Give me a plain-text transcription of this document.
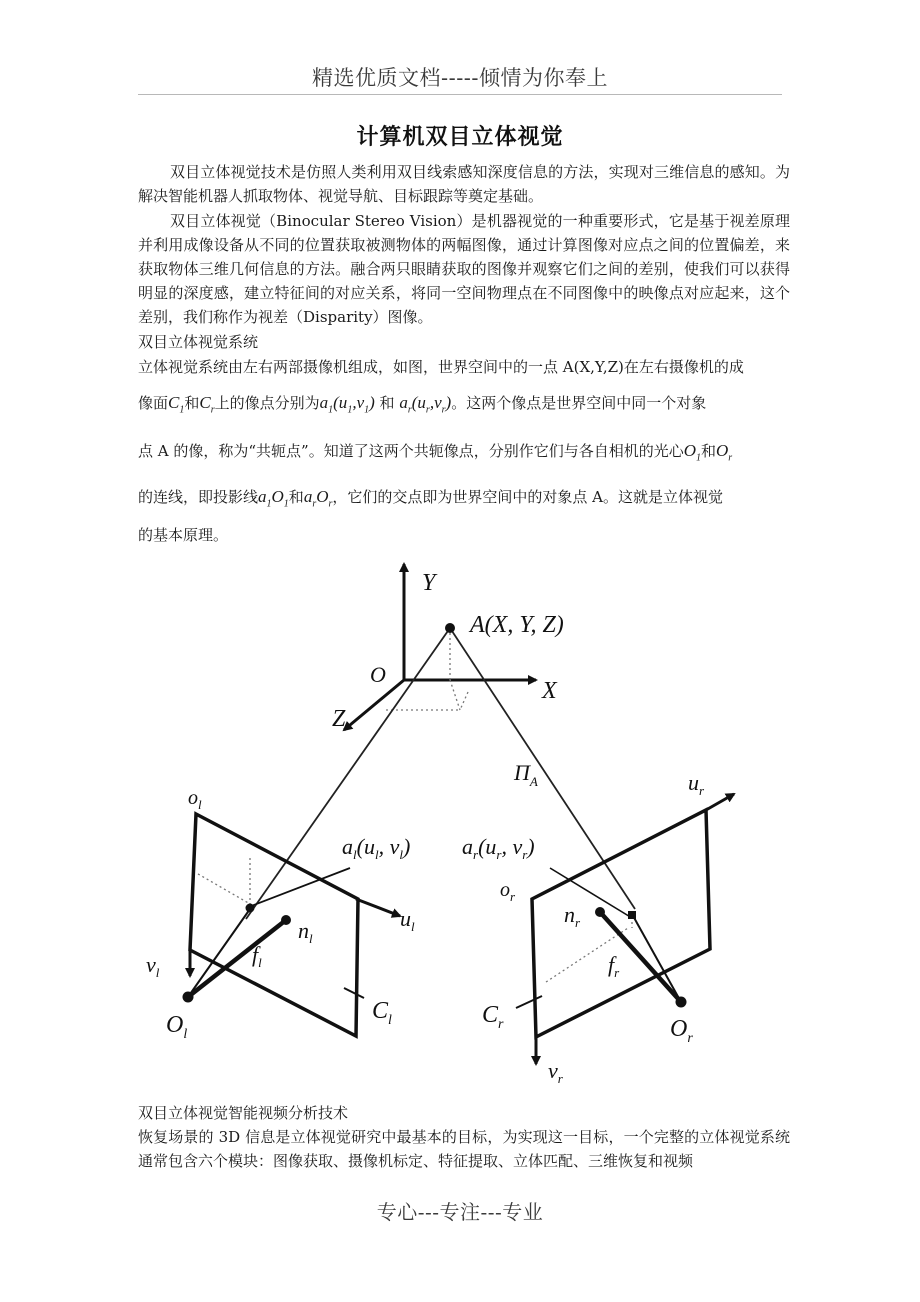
精选优质文档-----倾情为你奉上
计算机双目立体视觉
双目立体视觉技术是仿照人类利用双目线索感知深度信息的方法，实现对三维信息的感知。为解决智能机器人抓取物体、视觉导航、目标跟踪等奠定基础。
双目立体视觉（Binocular Stereo Vision）是机器视觉的一种重要形式，它是基于视差原理并利用成像设备从不同的位置获取被测物体的两幅图像，通过计算图像对应点之间的位置偏差，来获取物体三维几何信息的方法。融合两只眼睛获取的图像并观察它们之间的差别，使我们可以获得明显的深度感，建立特征间的对应关系，将同一空间物理点在不同图像中的映像点对应起来，这个差别，我们称作为视差（Disparity）图像。
双目立体视觉系统
立体视觉系统由左右两部摄像机组成，如图，世界空间中的一点 A(X,Y,Z)在左右摄像机的成
像面$C_1$和$C_r$上的像点分别为$a_1(u_1,v_1)$ 和 $a_r(u_r,v_r)$。这两个像点是世界空间中同一个对象
点 A 的像，称为“共轭点”。知道了这两个共轭像点，分别作它们与各自相机的光心$O_1$和$O_r$
的连线，即投影线$a_1O_1$和$a_rO_r$，它们的交点即为世界空间中的对象点 A。这就是立体视觉
的基本原理。
Y
A(X, Y, Z)
O
X
Z
$\Pi_A$
$o_l$
$a_l(u_l$, $v_l$) $a_r(u_r$, $v_r$)
$u_r$
$u_l$
$o_r$
$n_l$
$n_r$
$f_l$	$f_r$
$v_l$
$C_l$
$O_l$
$C_r$	$O_r$
$v_r$
双目立体视觉智能视频分析技术
恢复场景的 3D 信息是立体视觉研究中最基本的目标，为实现这一目标，一个完整的立体视觉系统通常包含六个模块：图像获取、摄像机标定、特征提取、立体匹配、三维恢复和视频
专心---专注---专业
